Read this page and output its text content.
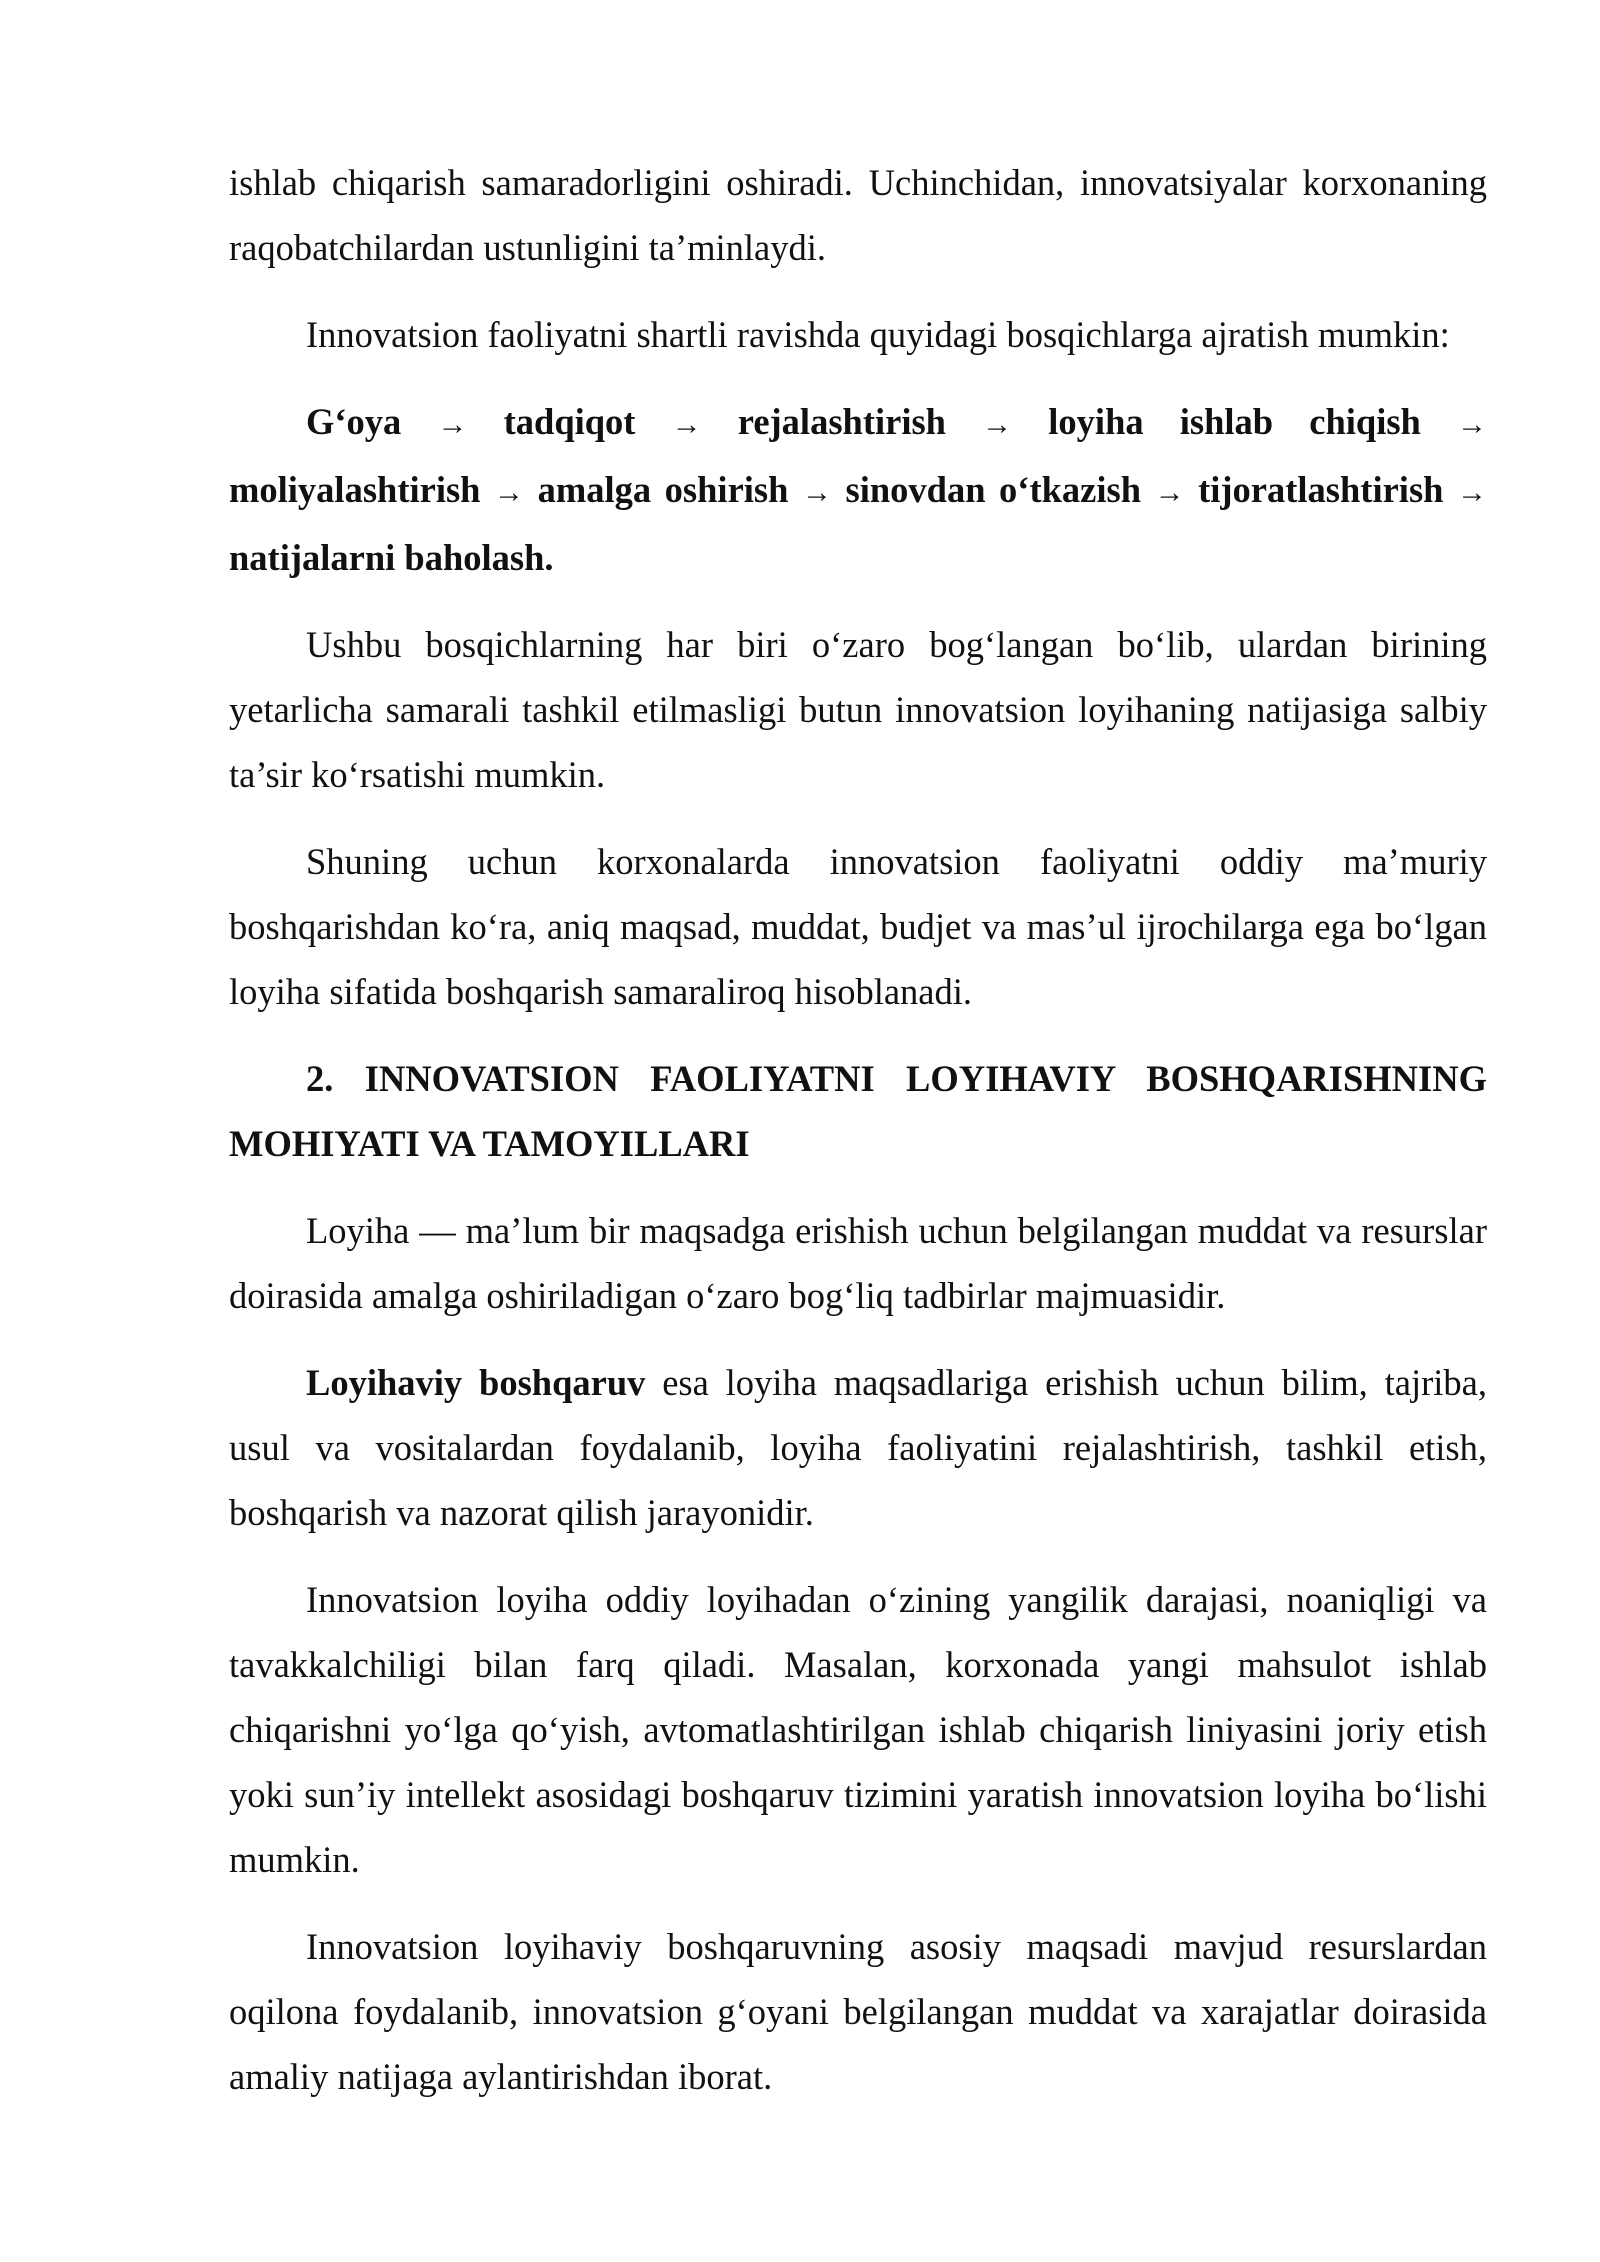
ishlab chiqarish samaradorligini oshiradi. Uchinchidan, innovatsiyalar korxonaning raqobatchilardan ustunligini ta’minlaydi.

Innovatsion faoliyatni shartli ravishda quyidagi bosqichlarga ajratish mumkin:

G‘oya → tadqiqot → rejalashtirish → loyiha ishlab chiqish → moliyalashtirish → amalga oshirish → sinovdan o‘tkazish → tijoratlashtirish → natijalarni baholash.

Ushbu bosqichlarning har biri o‘zaro bog‘langan bo‘lib, ulardan birining yetarlicha samarali tashkil etilmasligi butun innovatsion loyihaning natijasiga salbiy ta’sir ko‘rsatishi mumkin.

Shuning uchun korxonalarda innovatsion faoliyatni oddiy ma’muriy boshqarishdan ko‘ra, aniq maqsad, muddat, budjet va mas’ul ijrochilarga ega bo‘lgan loyiha sifatida boshqarish samaraliroq hisoblanadi.

2. INNOVATSION FAOLIYATNI LOYIHAVIY BOSHQARISHNING MOHIYATI VA TAMOYILLARI

Loyiha — ma’lum bir maqsadga erishish uchun belgilangan muddat va resurslar doirasida amalga oshiriladigan o‘zaro bog‘liq tadbirlar majmuasidir.

Loyihaviy boshqaruv esa loyiha maqsadlariga erishish uchun bilim, tajriba, usul va vositalardan foydalanib, loyiha faoliyatini rejalashtirish, tashkil etish, boshqarish va nazorat qilish jarayonidir.

Innovatsion loyiha oddiy loyihadan o‘zining yangilik darajasi, noaniqligi va tavakkalchiligi bilan farq qiladi. Masalan, korxonada yangi mahsulot ishlab chiqarishni yo‘lga qo‘yish, avtomatlashtirilgan ishlab chiqarish liniyasini joriy etish yoki sun’iy intellekt asosidagi boshqaruv tizimini yaratish innovatsion loyiha bo‘lishi mumkin.

Innovatsion loyihaviy boshqaruvning asosiy maqsadi mavjud resurslardan oqilona foydalanib, innovatsion g‘oyani belgilangan muddat va xarajatlar doirasida amaliy natijaga aylantirishdan iborat.
